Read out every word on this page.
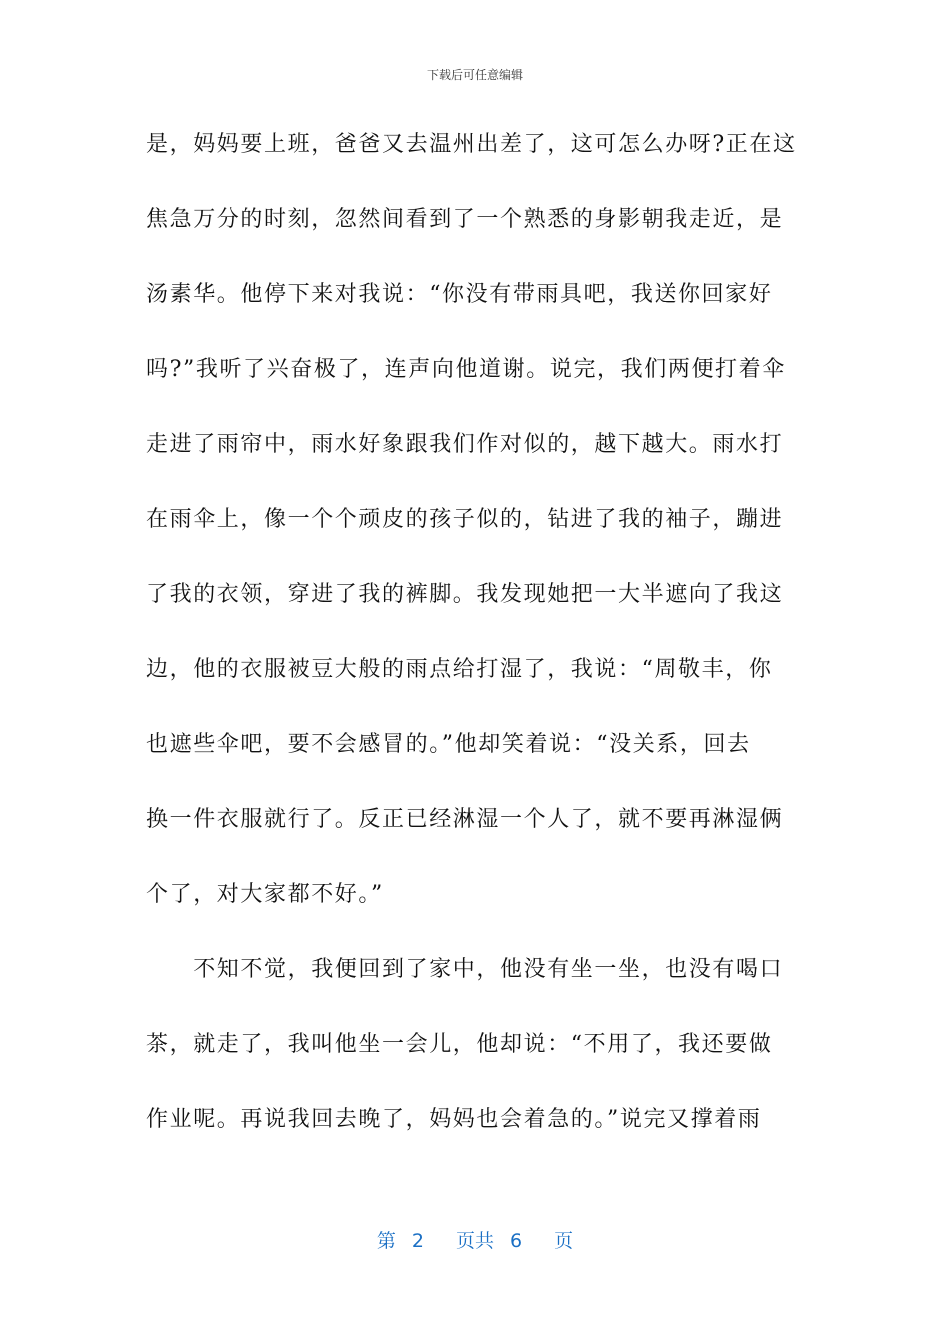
下载后可任意编辑
是，妈妈要上班，爸爸又去温州出差了，这可怎么办呀?正在这
焦急万分的时刻，忽然间看到了一个熟悉的身影朝我走近，是
汤素华。他停下来对我说：“你没有带雨具吧，我送你回家好
吗?”我听了兴奋极了，连声向他道谢。说完，我们两便打着伞
走进了雨帘中，雨水好象跟我们作对似的，越下越大。雨水打
在雨伞上，像一个个顽皮的孩子似的，钻进了我的袖子，蹦进
了我的衣领，穿进了我的裤脚。我发现她把一大半遮向了我这
边，他的衣服被豆大般的雨点给打湿了，我说：“周敬丰，你
也遮些伞吧，要不会感冒的。”他却笑着说：“没关系，回去
换一件衣服就行了。反正已经淋湿一个人了，就不要再淋湿俩
个了，对大家都不好。”
　　不知不觉，我便回到了家中，他没有坐一坐，也没有喝口
茶，就走了，我叫他坐一会儿，他却说：“不用了，我还要做
作业呢。再说我回去晚了，妈妈也会着急的。”说完又撑着雨
第 2 页共 6 页
